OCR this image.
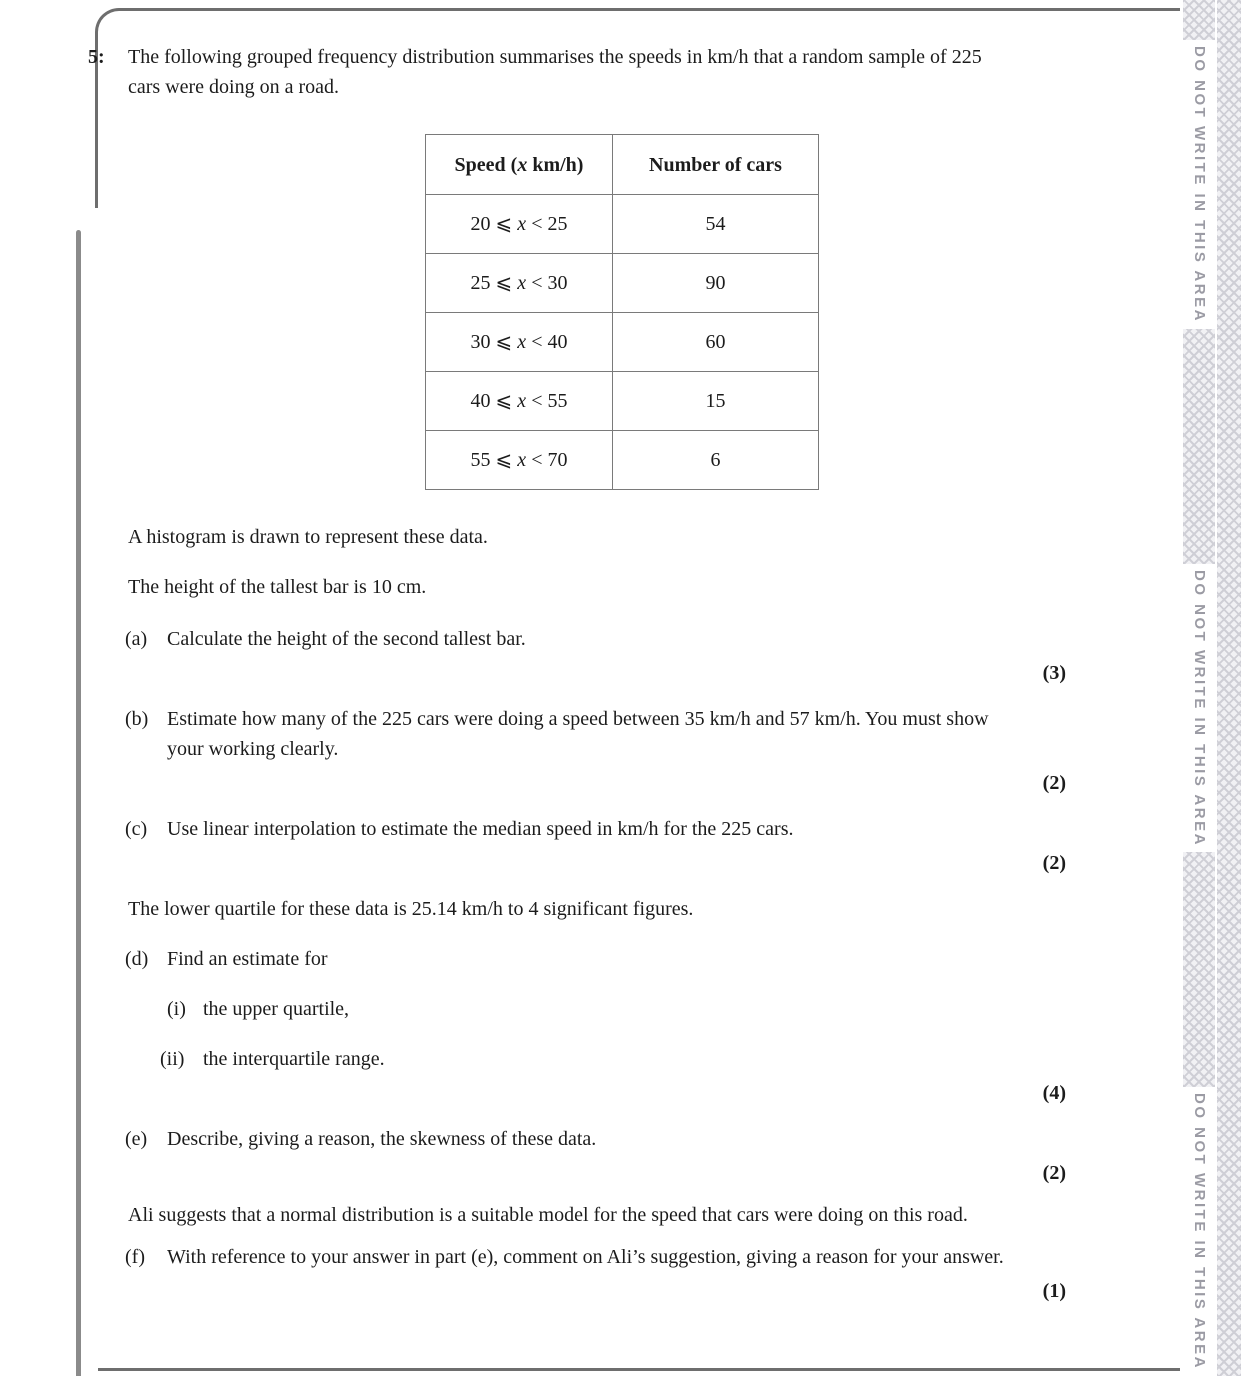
DO NOT WRITE IN THIS AREA
DO NOT WRITE IN THIS AREA
DO NOT WRITE IN THIS AREA
5:	The following grouped frequency distribution summarises the speeds in km/h that a random sample of 225 cars were doing on a road.
Speed (x km/h)	Number of cars
20 ⩽ x < 25	54
25 ⩽ x < 30	90
30 ⩽ x < 40	60
40 ⩽ x < 55	15
55 ⩽ x < 70	6
A histogram is drawn to represent these data.
The height of the tallest bar is 10 cm.
(a) Calculate the height of the second tallest bar.
(3)
(b) Estimate how many of the 225 cars were doing a speed between 35 km/h and 57 km/h. You must show your working clearly.
(2)
(c) Use linear interpolation to estimate the median speed in km/h for the 225 cars.
(2)
The lower quartile for these data is 25.14 km/h to 4 significant figures.
(d) Find an estimate for
(i) the upper quartile,
(ii) the interquartile range.
(4)
(e) Describe, giving a reason, the skewness of these data.
(2)
Ali suggests that a normal distribution is a suitable model for the speed that cars were doing on this road.
(f)	With reference to your answer in part (e), comment on Ali’s suggestion, giving a reason for your answer.
(1)
